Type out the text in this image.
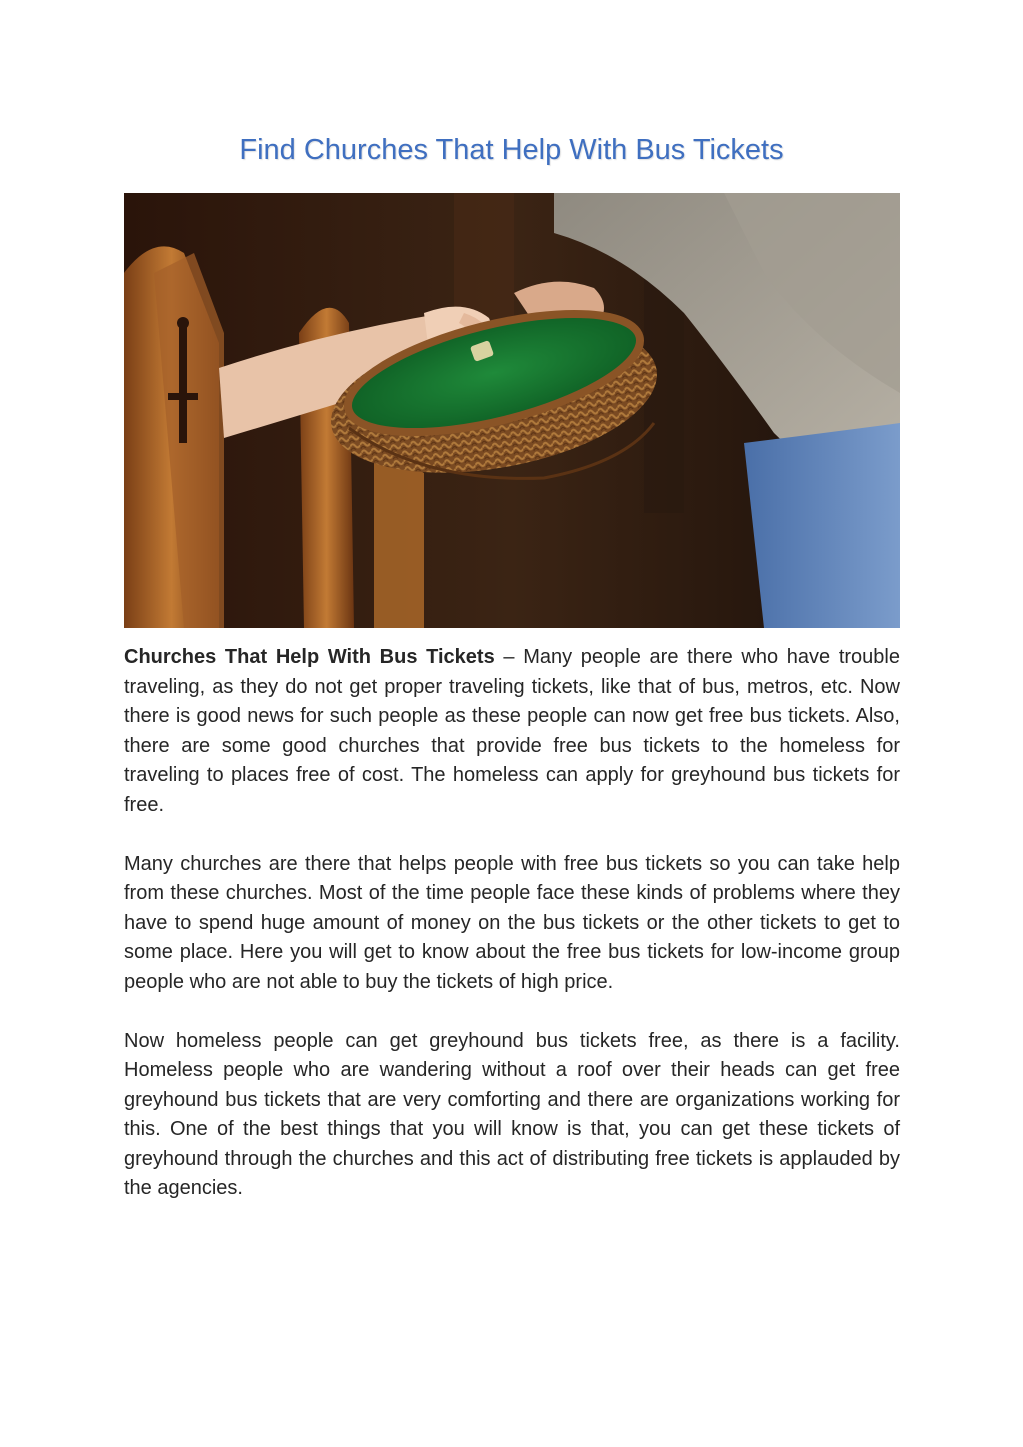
Find Churches That Help With Bus Tickets

Churches That Help With Bus Tickets – Many people are there who have trouble traveling, as they do not get proper traveling tickets, like that of bus, metros, etc. Now there is good news for such people as these people can now get free bus tickets. Also, there are some good churches that provide free bus tickets to the homeless for traveling to places free of cost. The homeless can apply for greyhound bus tickets for free.

Many churches are there that helps people with free bus tickets so you can take help from these churches. Most of the time people face these kinds of problems where they have to spend huge amount of money on the bus tickets or the other tickets to get to some place. Here you will get to know about the free bus tickets for low-income group people who are not able to buy the tickets of high price.

Now homeless people can get greyhound bus tickets free, as there is a facility. Homeless people who are wandering without a roof over their heads can get free greyhound bus tickets that are very comforting and there are organizations working for this. One of the best things that you will know is that, you can get these tickets of greyhound through the churches and this act of distributing free tickets is applauded by the agencies.
